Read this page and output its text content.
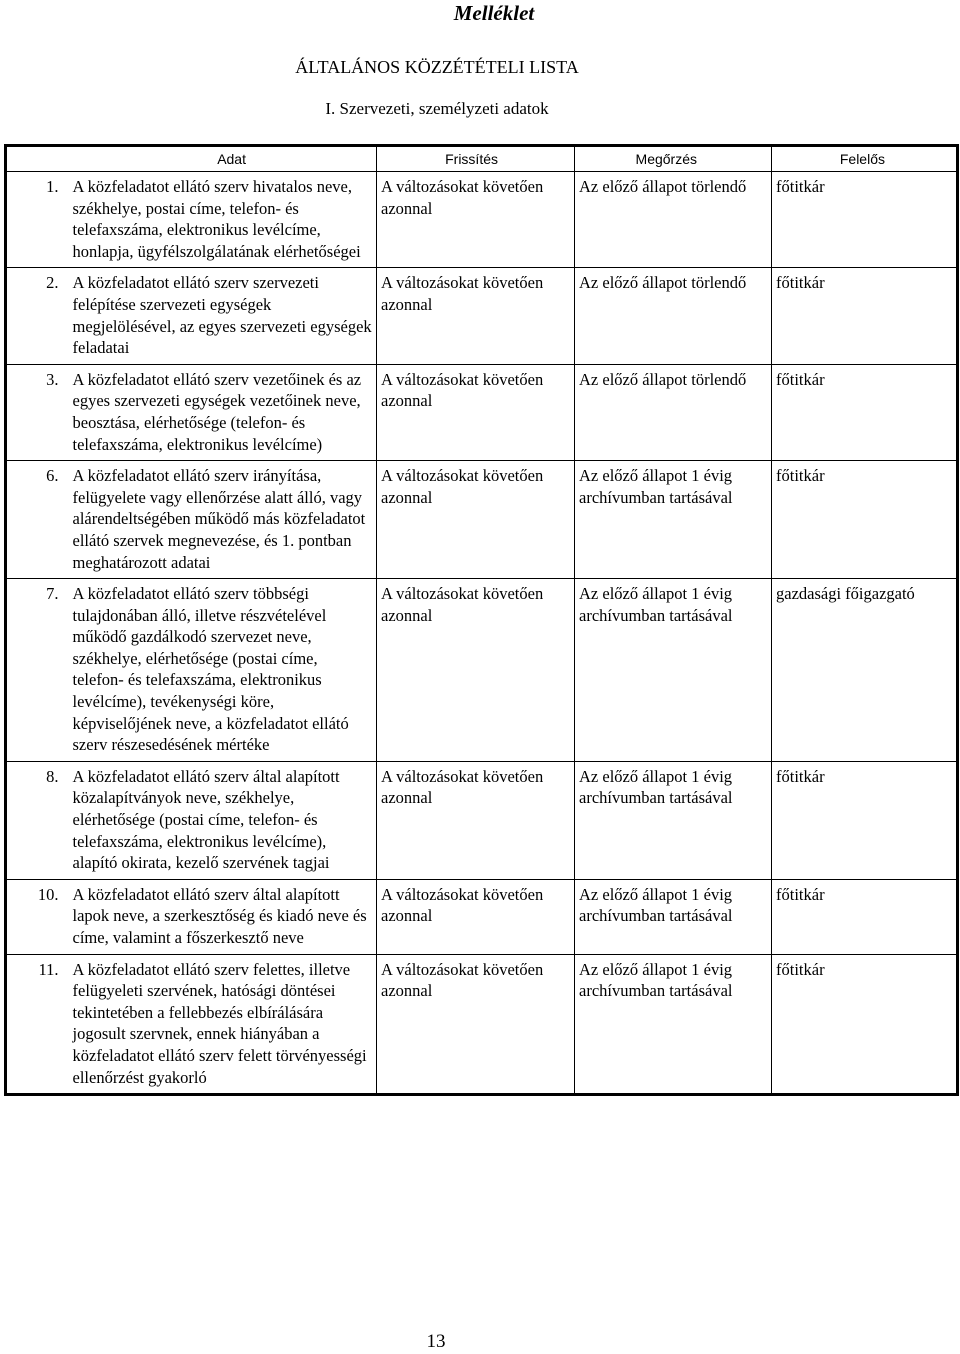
Melléklet
ÁLTALÁNOS KÖZZÉTÉTELI LISTA
I. Szervezeti, személyzeti adatok
Adat		Frissítés	Megőrzés	Felelős
1.	A közfeladatot ellátó szerv hivatalos neve, székhelye, postai címe, telefon- és telefaxszáma, elektronikus levélcíme, honlapja, ügyfélszolgálatának elérhetőségei	A változásokat követően azonnal	Az előző állapot törlendő	főtitkár
2.	A közfeladatot ellátó szerv szervezeti felépítése szervezeti egységek megjelölésével, az egyes szervezeti egységek feladatai	A változásokat követően azonnal	Az előző állapot törlendő	főtitkár
3.	A közfeladatot ellátó szerv vezetőinek és az egyes szervezeti egységek vezetőinek neve, beosztása, elérhetősége (telefon- és telefaxszáma, elektronikus levélcíme)	A változásokat követően azonnal	Az előző állapot törlendő	főtitkár
6.	A közfeladatot ellátó szerv irányítása, felügyelete vagy ellenőrzése alatt álló, vagy alárendeltségében működő más közfeladatot ellátó szervek megnevezése, és 1. pontban meghatározott adatai	A változásokat követően azonnal	Az előző állapot 1 évig archívumban tartásával	főtitkár
7.	A közfeladatot ellátó szerv többségi tulajdonában álló, illetve részvételével működő gazdálkodó szervezet neve, székhelye, elérhetősége (postai címe, telefon- és telefaxszáma, elektronikus levélcíme), tevékenységi köre, képviselőjének neve, a közfeladatot ellátó szerv részesedésének mértéke	A változásokat követően azonnal	Az előző állapot 1 évig archívumban tartásával	gazdasági főigazgató
8.	A közfeladatot ellátó szerv által alapított közalapítványok neve, székhelye, elérhetősége (postai címe, telefon- és telefaxszáma, elektronikus levélcíme), alapító okirata, kezelő szervének tagjai	A változásokat követően azonnal	Az előző állapot 1 évig archívumban tartásával	főtitkár
10.	A közfeladatot ellátó szerv által alapított lapok neve, a szerkesztőség és kiadó neve és címe, valamint a főszerkesztő neve	A változásokat követően azonnal	Az előző állapot 1 évig archívumban tartásával	főtitkár
11.	A közfeladatot ellátó szerv felettes, illetve felügyeleti szervének, hatósági döntései tekintetében a fellebbezés elbírálására jogosult szervnek, ennek hiányában a közfeladatot ellátó szerv felett törvényességi ellenőrzést gyakorló	A változásokat követően azonnal	Az előző állapot 1 évig archívumban tartásával	főtitkár
13
